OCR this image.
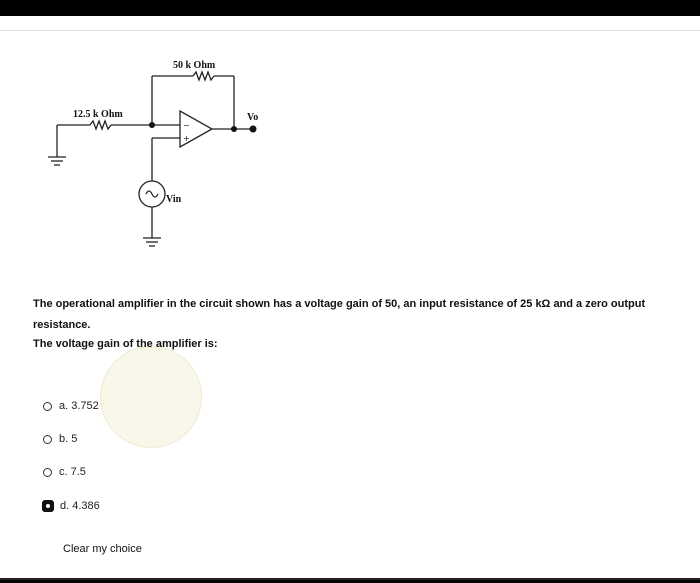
−
+
50 k Ohm
12.5 k Ohm	Vo
Vin
The operational amplifier in the circuit shown has a voltage gain of 50, an input resistance of 25 kΩ and a zero output resistance.
The voltage gain of the amplifier is:
a. 3.752
b. 5
c. 7.5
d. 4.386
Clear my choice
